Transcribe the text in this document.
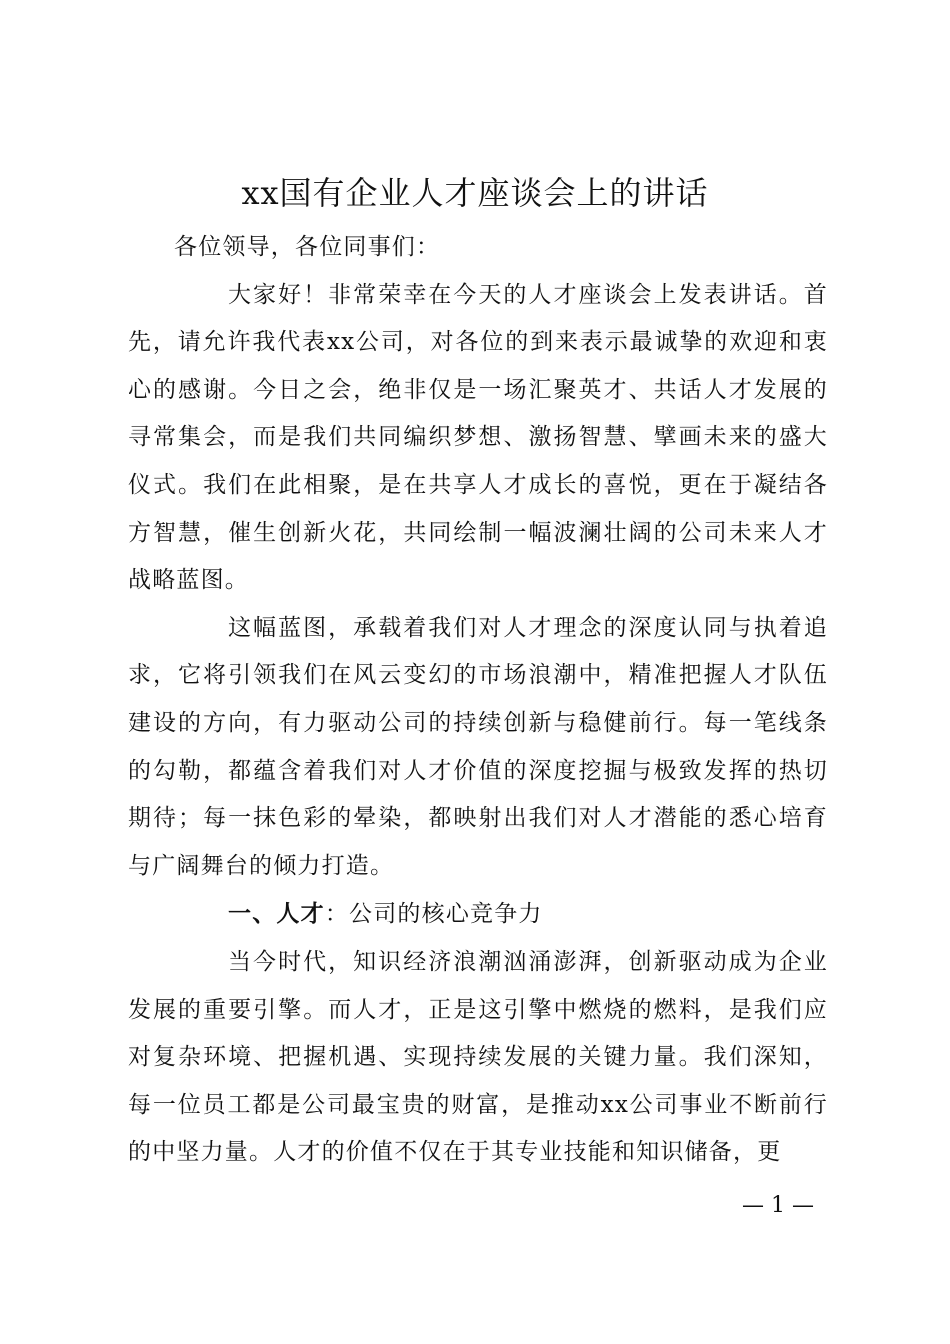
xx国有企业人才座谈会上的讲话

各位领导，各位同事们：

大家好！非常荣幸在今天的人才座谈会上发表讲话。首先，请允许我代表xx公司，对各位的到来表示最诚挚的欢迎和衷心的感谢。今日之会，绝非仅是一场汇聚英才、共话人才发展的寻常集会，而是我们共同编织梦想、激扬智慧、擘画未来的盛大仪式。我们在此相聚，是在共享人才成长的喜悦，更在于凝结各方智慧，催生创新火花，共同绘制一幅波澜壮阔的公司未来人才战略蓝图。

这幅蓝图，承载着我们对人才理念的深度认同与执着追求，它将引领我们在风云变幻的市场浪潮中，精准把握人才队伍建设的方向，有力驱动公司的持续创新与稳健前行。每一笔线条的勾勒，都蕴含着我们对人才价值的深度挖掘与极致发挥的热切期待；每一抹色彩的晕染，都映射出我们对人才潜能的悉心培育与广阔舞台的倾力打造。

一、人才：公司的核心竞争力

当今时代，知识经济浪潮汹涌澎湃，创新驱动成为企业发展的重要引擎。而人才，正是这引擎中燃烧的燃料，是我们应对复杂环境、把握机遇、实现持续发展的关键力量。我们深知，每一位员工都是公司最宝贵的财富，是推动xx公司事业不断前行的中坚力量。人才的价值不仅在于其专业技能和知识储备，更

— 1 —
